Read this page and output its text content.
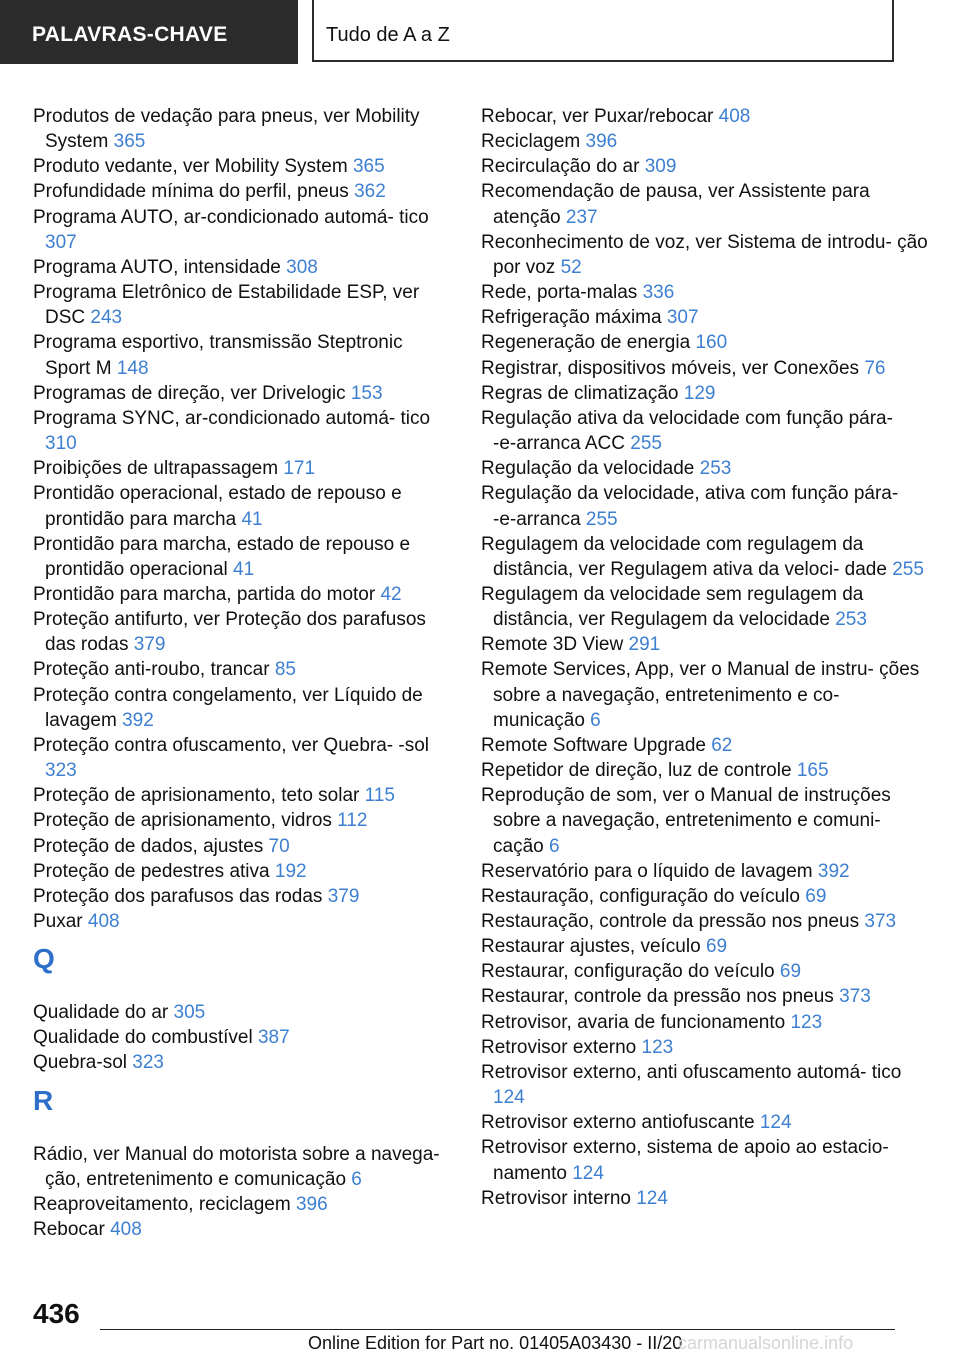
PALAVRAS-CHAVE	Tudo de A a Z
Produtos de vedação para pneus, ver Mobility System 365
Produto vedante, ver Mobility System 365
Profundidade mínima do perfil, pneus 362
Programa AUTO, ar‑condicionado automá‑ tico 307
Programa AUTO, intensidade 308
Programa Eletrônico de Estabilidade ESP, ver DSC 243
Programa esportivo, transmissão Steptronic Sport M 148
Programas de direção, ver Drivelogic 153
Programa SYNC, ar‑condicionado automá‑ tico 310
Proibições de ultrapassagem 171
Prontidão operacional, estado de repouso e prontidão para marcha 41
Prontidão para marcha, estado de repouso e prontidão operacional 41
Prontidão para marcha, partida do motor 42
Proteção antifurto, ver Proteção dos parafusos das rodas 379
Proteção anti‑roubo, trancar 85
Proteção contra congelamento, ver Líquido de lavagem 392
Proteção contra ofuscamento, ver Quebra‑ ‑sol 323
Proteção de aprisionamento, teto solar 115
Proteção de aprisionamento, vidros 112
Proteção de dados, ajustes 70
Proteção de pedestres ativa 192
Proteção dos parafusos das rodas 379
Puxar 408
Q
Qualidade do ar 305
Qualidade do combustível 387
Quebra‑sol 323
R
Rádio, ver Manual do motorista sobre a navega‑ ção, entretenimento e comunicação 6
Reaproveitamento, reciclagem 396
Rebocar 408
Rebocar, ver Puxar/rebocar 408
Reciclagem 396
Recirculação do ar 309
Recomendação de pausa, ver Assistente para atenção 237
Reconhecimento de voz, ver Sistema de introdu‑ ção por voz 52
Rede, porta‑malas 336
Refrigeração máxima 307
Regeneração de energia 160
Registrar, dispositivos móveis, ver Conexões 76
Regras de climatização 129
Regulação ativa da velocidade com função pára‑ ‑e‑arranca ACC 255
Regulação da velocidade 253
Regulação da velocidade, ativa com função pára‑ ‑e‑arranca 255
Regulagem da velocidade com regulagem da distância, ver Regulagem ativa da veloci‑ dade 255
Regulagem da velocidade sem regulagem da distância, ver Regulagem da velocidade 253
Remote 3D View 291
Remote Services, App, ver o Manual de instru‑ ções sobre a navegação, entretenimento e co‑ municação 6
Remote Software Upgrade 62
Repetidor de direção, luz de controle 165
Reprodução de som, ver o Manual de instruções sobre a navegação, entretenimento e comuni‑ cação 6
Reservatório para o líquido de lavagem 392
Restauração, configuração do veículo 69
Restauração, controle da pressão nos pneus 373
Restaurar ajustes, veículo 69
Restaurar, configuração do veículo 69
Restaurar, controle da pressão nos pneus 373
Retrovisor, avaria de funcionamento 123
Retrovisor externo 123
Retrovisor externo, anti ofuscamento automá‑ tico 124
Retrovisor externo antiofuscante 124
Retrovisor externo, sistema de apoio ao estacio‑ namento 124
Retrovisor interno 124
436
Online Edition for Part no. 01405A03430 - II/20
carmanualsonline.info
